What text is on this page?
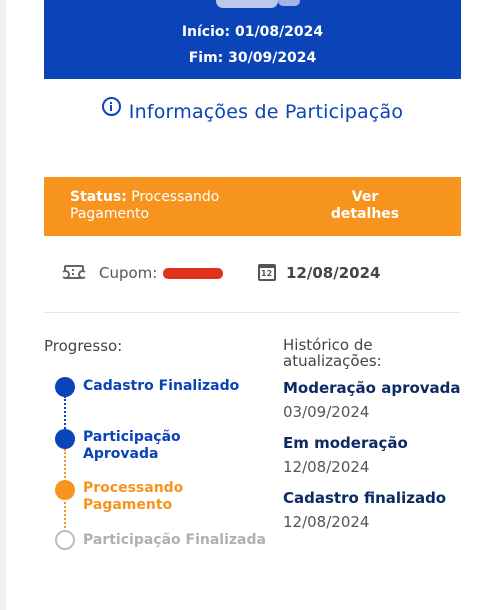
Início: 01/08/2024
Fim: 30/09/2024
Informações de Participação
Status: Processando Pagamento
Ver detalhes
Cupom:	12 12/08/2024
Progresso:
Cadastro Finalizado
Participação Aprovada
Processando Pagamento
Participação Finalizada
Histórico de atualizações:
Moderação aprovada
03/09/2024
Em moderação
12/08/2024
Cadastro finalizado
12/08/2024
